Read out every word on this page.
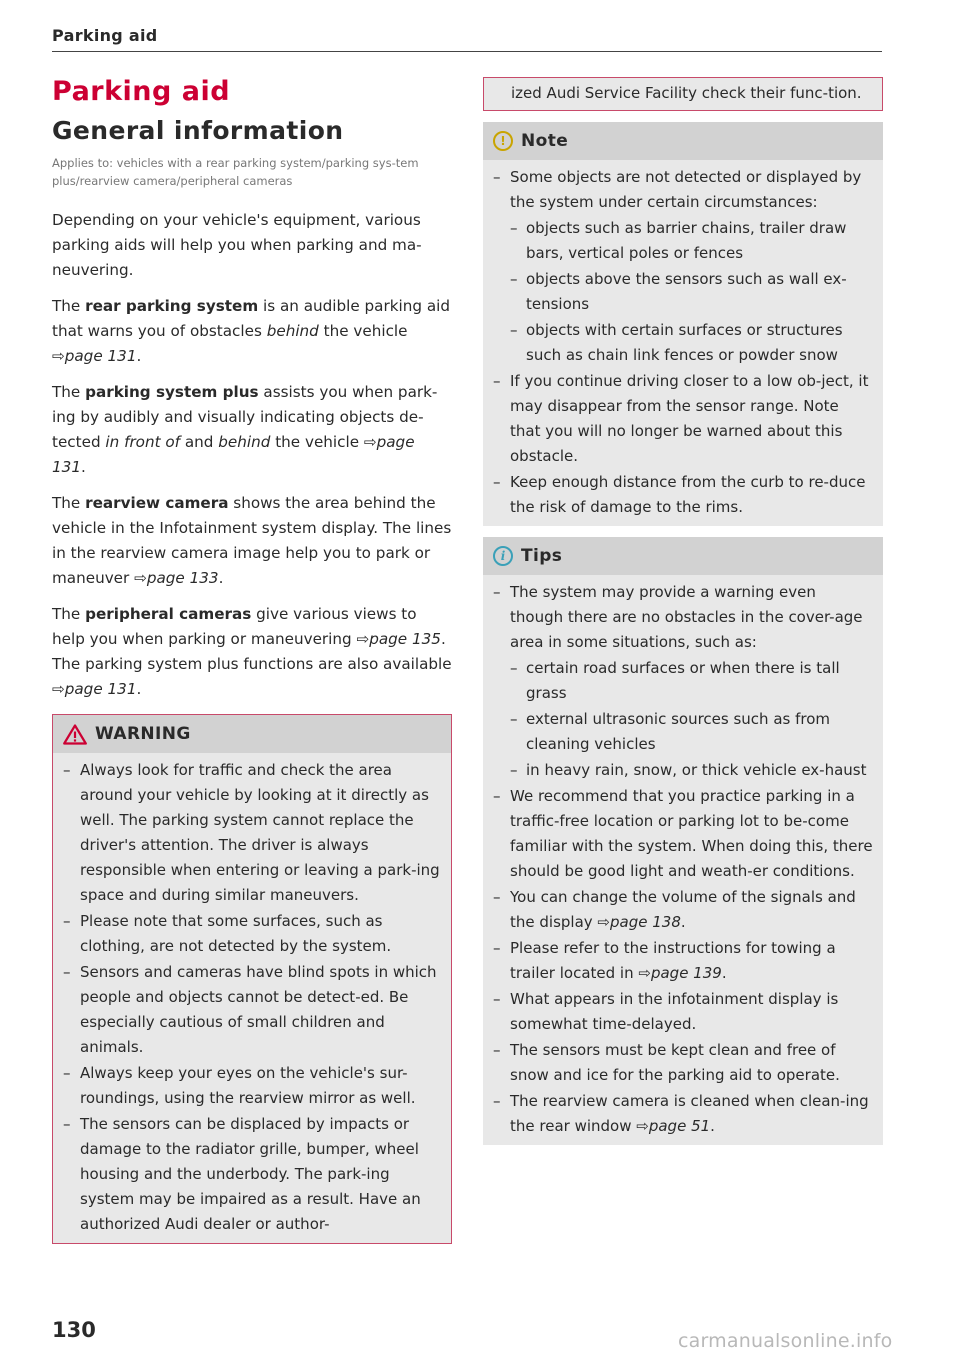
Parking aid
Parking aid
General information
Applies to: vehicles with a rear parking system/parking sys-tem plus/rearview camera/peripheral cameras

Depending on your vehicle's equipment, various parking aids will help you when parking and ma-neuvering.

The rear parking system is an audible parking aid that warns you of obstacles behind the vehicle ⇨page 131.

The parking system plus assists you when park-ing by audibly and visually indicating objects de-tected in front of and behind the vehicle ⇨page 131.

The rearview camera shows the area behind the vehicle in the Infotainment system display. The lines in the rearview camera image help you to park or maneuver ⇨page 133.

The peripheral cameras give various views to help you when parking or maneuvering ⇨page 135. The parking system plus functions are also available ⇨page 131.

WARNING
– Always look for traffic and check the area around your vehicle by looking at it directly as well. The parking system cannot replace the driver's attention. The driver is always responsible when entering or leaving a park-ing space and during similar maneuvers.
– Please note that some surfaces, such as clothing, are not detected by the system.
– Sensors and cameras have blind spots in which people and objects cannot be detect-ed. Be especially cautious of small children and animals.
– Always keep your eyes on the vehicle's sur-roundings, using the rearview mirror as well.
– The sensors can be displaced by impacts or damage to the radiator grille, bumper, wheel housing and the underbody. The park-ing system may be impaired as a result. Have an authorized Audi dealer or author-
ized Audi Service Facility check their func-tion.
! Note
– Some objects are not detected or displayed by the system under certain circumstances:
– objects such as barrier chains, trailer draw bars, vertical poles or fences
– objects above the sensors such as wall ex-tensions
– objects with certain surfaces or structures such as chain link fences or powder snow
– If you continue driving closer to a low ob-ject, it may disappear from the sensor range. Note that you will no longer be warned about this obstacle.
– Keep enough distance from the curb to re-duce the risk of damage to the rims.
i Tips
– The system may provide a warning even though there are no obstacles in the cover-age area in some situations, such as:
– certain road surfaces or when there is tall grass
– external ultrasonic sources such as from cleaning vehicles
– in heavy rain, snow, or thick vehicle ex-haust
– We recommend that you practice parking in a traffic-free location or parking lot to be-come familiar with the system. When doing this, there should be good light and weath-er conditions.
– You can change the volume of the signals and the display ⇨page 138.
– Please refer to the instructions for towing a trailer located in ⇨page 139.
– What appears in the infotainment display is somewhat time-delayed.
– The sensors must be kept clean and free of snow and ice for the parking aid to operate.
– The rearview camera is cleaned when clean-ing the rear window ⇨page 51.
130	carmanualsonline.info
